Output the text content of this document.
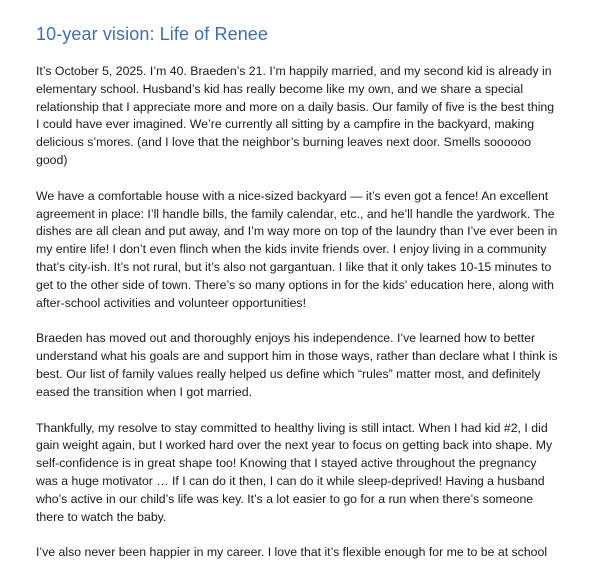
10-year vision: Life of Renee

It’s October 5, 2025. I’m 40. Braeden’s 21. I’m happily married, and my second kid is already in elementary school. Husband’s kid has really become like my own, and we share a special relationship that I appreciate more and more on a daily basis. Our family of five is the best thing I could have ever imagined. We’re currently all sitting by a campfire in the backyard, making delicious s’mores. (and I love that the neighbor’s burning leaves next door. Smells soooooo good)

We have a comfortable house with a nice-sized backyard — it’s even got a fence! An excellent agreement in place: I’ll handle bills, the family calendar, etc., and he’ll handle the yardwork. The dishes are all clean and put away, and I’m way more on top of the laundry than I’ve ever been in my entire life! I don’t even flinch when the kids invite friends over. I enjoy living in a community that’s city-ish. It’s not rural, but it’s also not gargantuan. I like that it only takes 10-15 minutes to get to the other side of town. There’s so many options in for the kids’ education here, along with after-school activities and volunteer opportunities!

Braeden has moved out and thoroughly enjoys his independence. I’ve learned how to better understand what his goals are and support him in those ways, rather than declare what I think is best. Our list of family values really helped us define which “rules” matter most, and definitely eased the transition when I got married.

Thankfully, my resolve to stay committed to healthy living is still intact. When I had kid #2, I did gain weight again, but I worked hard over the next year to focus on getting back into shape. My self-confidence is in great shape too! Knowing that I stayed active throughout the pregnancy was a huge motivator … If I can do it then, I can do it while sleep-deprived! Having a husband who’s active in our child’s life was key. It’s a lot easier to go for a run when there’s someone there to watch the baby.

I’ve also never been happier in my career. I love that it’s flexible enough for me to be at school
